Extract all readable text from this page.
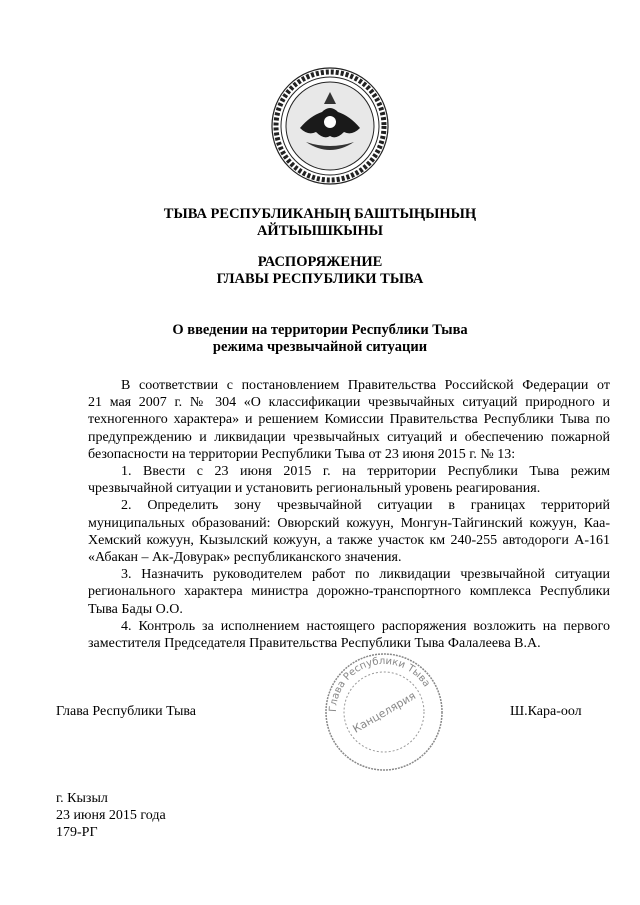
ТЫВА РЕСПУБЛИКАНЫҢ БАШТЫҢЫНЫҢ
АЙТЫЫШКЫНЫ
РАСПОРЯЖЕНИЕ
ГЛАВЫ РЕСПУБЛИКИ ТЫВА
О введении на территории Республики Тыва
режима чрезвычайной ситуации
В соответствии с постановлением Правительства Российской Федерации от
21 мая 2007 г. № 304 «О классификации чрезвычайных ситуаций природного и
техногенного характера» и решением Комиссии Правительства Республики Тыва по
предупреждению и ликвидации чрезвычайных ситуаций и обеспечению пожарной
безопасности на территории Республики Тыва от 23 июня 2015 г. № 13:
1. Ввести с 23 июня 2015 г. на территории Республики Тыва режим
чрезвычайной ситуации и установить региональный уровень реагирования.
2. Определить зону чрезвычайной ситуации в границах территорий
муниципальных образований: Овюрский кожуун, Монгун-Тайгинский кожуун, Каа-
Хемский кожуун, Кызылский кожуун, а также участок км 240-255 автодороги А-161
«Абакан – Ак-Довурак» республиканского значения.
3. Назначить руководителем работ по ликвидации чрезвычайной ситуации
регионального характера министра дорожно-транспортного комплекса Республики
Тыва Бады О.О.
4. Контроль за исполнением настоящего распоряжения возложить на первого
заместителя Председателя Правительства Республики Тыва Фалалеева В.А.
Глава Республики Тыва
Канцелярия
Глава Республики Тыва	Ш.Кара-оол
г. Кызыл
23 июня 2015 года
179-РГ
